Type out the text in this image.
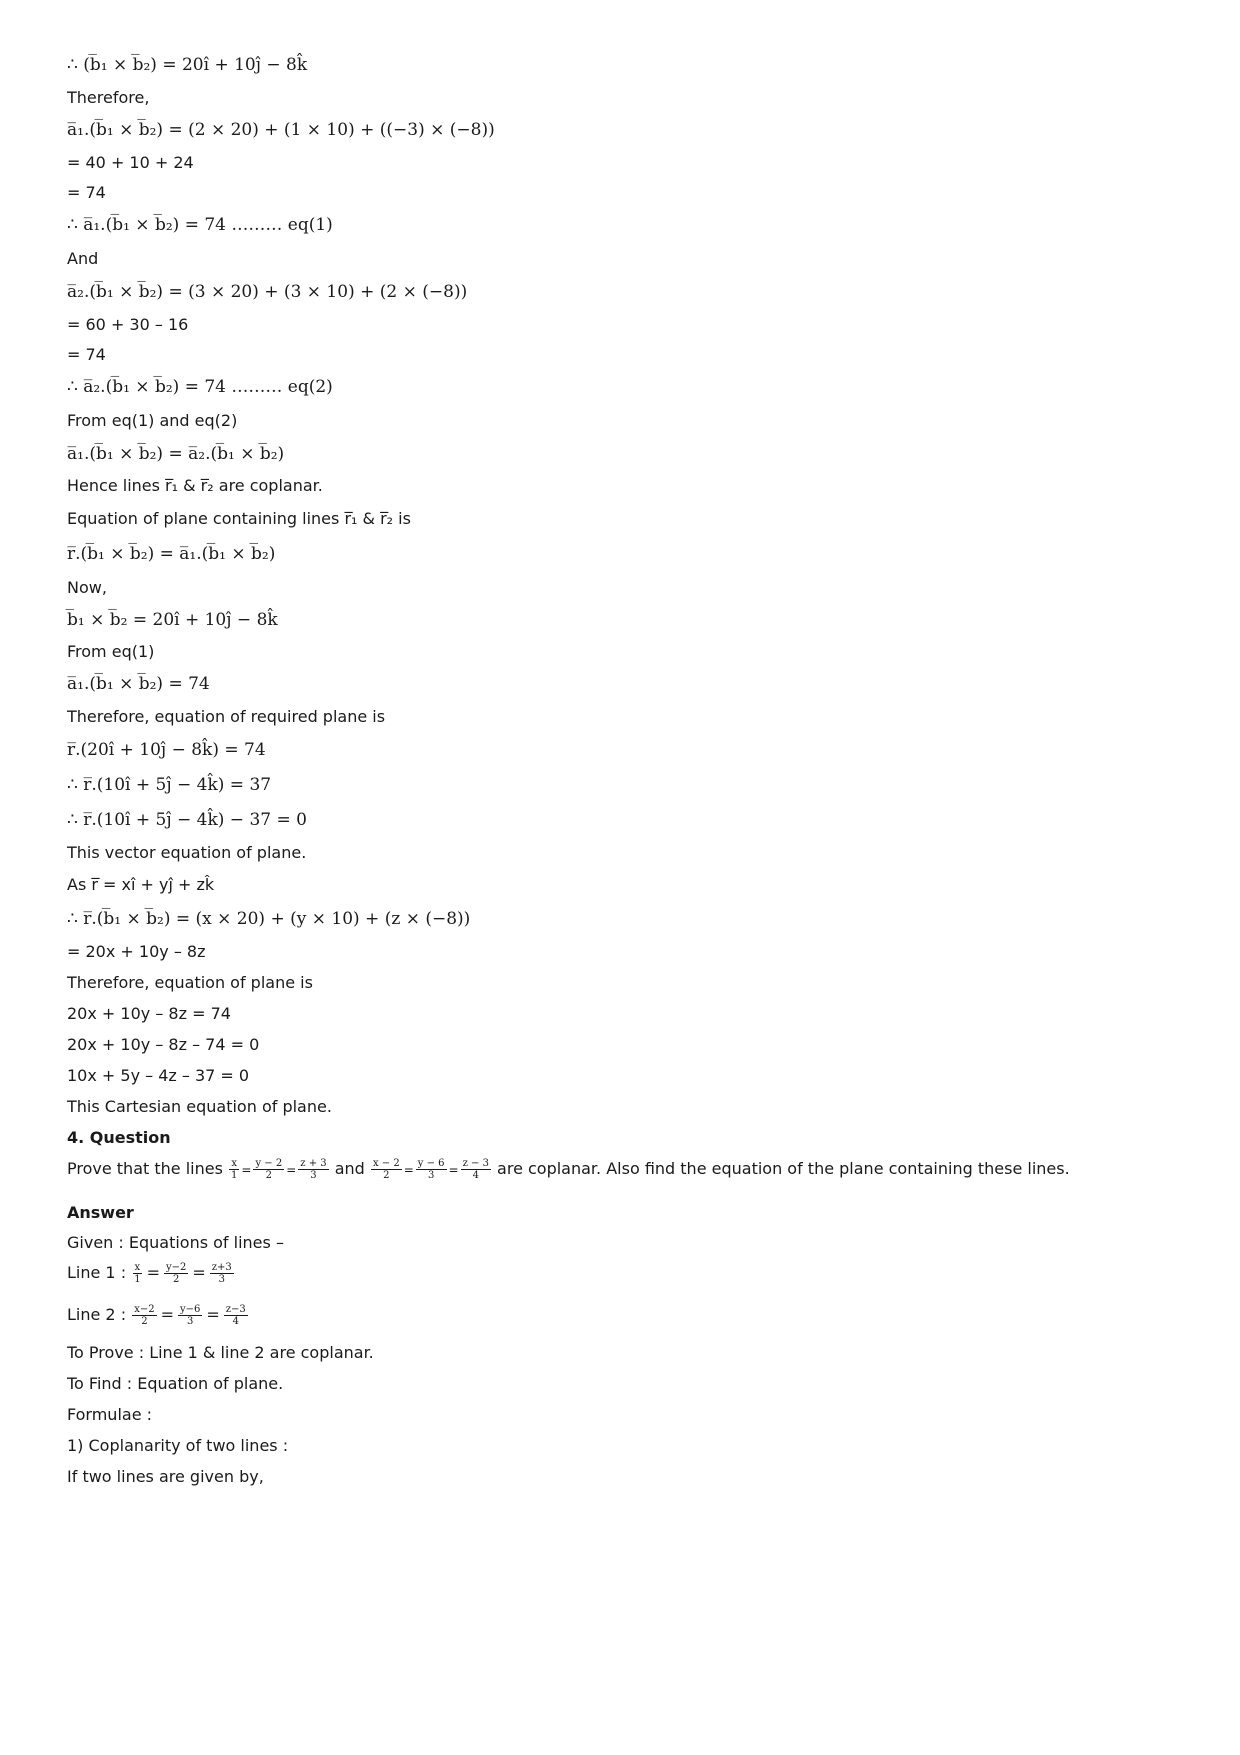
∴ (b̅₁ × b̅₂) = 20î + 10ĵ − 8k̂
Therefore,
a̅₁.(b̅₁ × b̅₂) = (2 × 20) + (1 × 10) + ((−3) × (−8))
= 40 + 10 + 24
= 74
∴ a̅₁.(b̅₁ × b̅₂) = 74 ……… eq(1)
And
a̅₂.(b̅₁ × b̅₂) = (3 × 20) + (3 × 10) + (2 × (−8))
= 60 + 30 – 16
= 74
∴ a̅₂.(b̅₁ × b̅₂) = 74 ……… eq(2)
From eq(1) and eq(2)
a̅₁.(b̅₁ × b̅₂) = a̅₂.(b̅₁ × b̅₂)
Hence lines r̅₁ & r̅₂ are coplanar.
Equation of plane containing lines r̅₁ & r̅₂ is
r̅.(b̅₁ × b̅₂) = a̅₁.(b̅₁ × b̅₂)
Now,
b̅₁ × b̅₂ = 20î + 10ĵ − 8k̂
From eq(1)
a̅₁.(b̅₁ × b̅₂) = 74
Therefore, equation of required plane is
r̅.(20î + 10ĵ − 8k̂) = 74
∴ r̅.(10î + 5ĵ − 4k̂) = 37
∴ r̅.(10î + 5ĵ − 4k̂) − 37 = 0
This vector equation of plane.
As r̅ = xî + yĵ + zk̂
∴ r̅.(b̅₁ × b̅₂) = (x × 20) + (y × 10) + (z × (−8))
= 20x + 10y – 8z
Therefore, equation of plane is
20x + 10y – 8z = 74
20x + 10y – 8z – 74 = 0
10x + 5y – 4z – 37 = 0
This Cartesian equation of plane.
4. Question
Prove that the lines $\frac{x}{1} = \frac{y - 2}{2} = \frac{z + 3}{3}$ and $\frac{x - 2}{2} = \frac{y - 6}{3} = \frac{z - 3}{4}$ are coplanar. Also find the equation of the plane containing these lines.
Answer
Given : Equations of lines –
Line 1 : $\frac{x}{1} = \frac{y-2}{2} = \frac{z+3}{3}$
Line 2 : $\frac{x-2}{2} = \frac{y-6}{3} = \frac{z-3}{4}$
To Prove : Line 1 & line 2 are coplanar.
To Find : Equation of plane.
Formulae :
1) Coplanarity of two lines :
If two lines are given by,
